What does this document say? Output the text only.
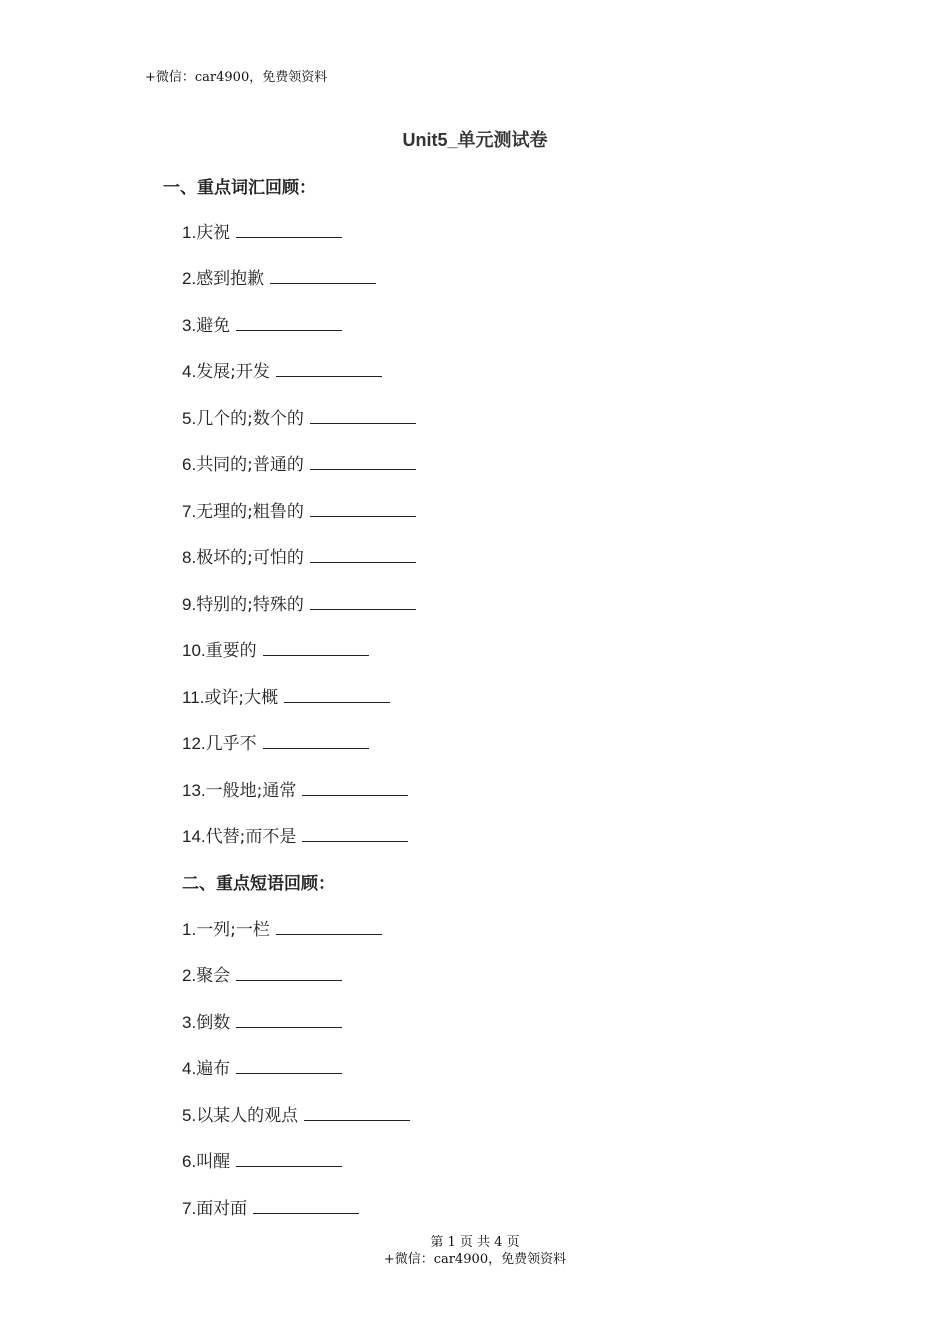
+微信：car4900，免费领资料
Unit5_单元测试卷
一、重点词汇回顾：
1.庆祝
2.感到抱歉
3.避免
4.发展;开发
5.几个的;数个的
6.共同的;普通的
7.无理的;粗鲁的
8.极坏的;可怕的
9.特别的;特殊的
10.重要的
11.或许;大概
12.几乎不
13.一般地;通常
14.代替;而不是
二、重点短语回顾：
1.一列;一栏
2.聚会
3.倒数
4.遍布
5.以某人的观点
6.叫醒
7.面对面
第 1 页 共 4 页
+微信：car4900，免费领资料
